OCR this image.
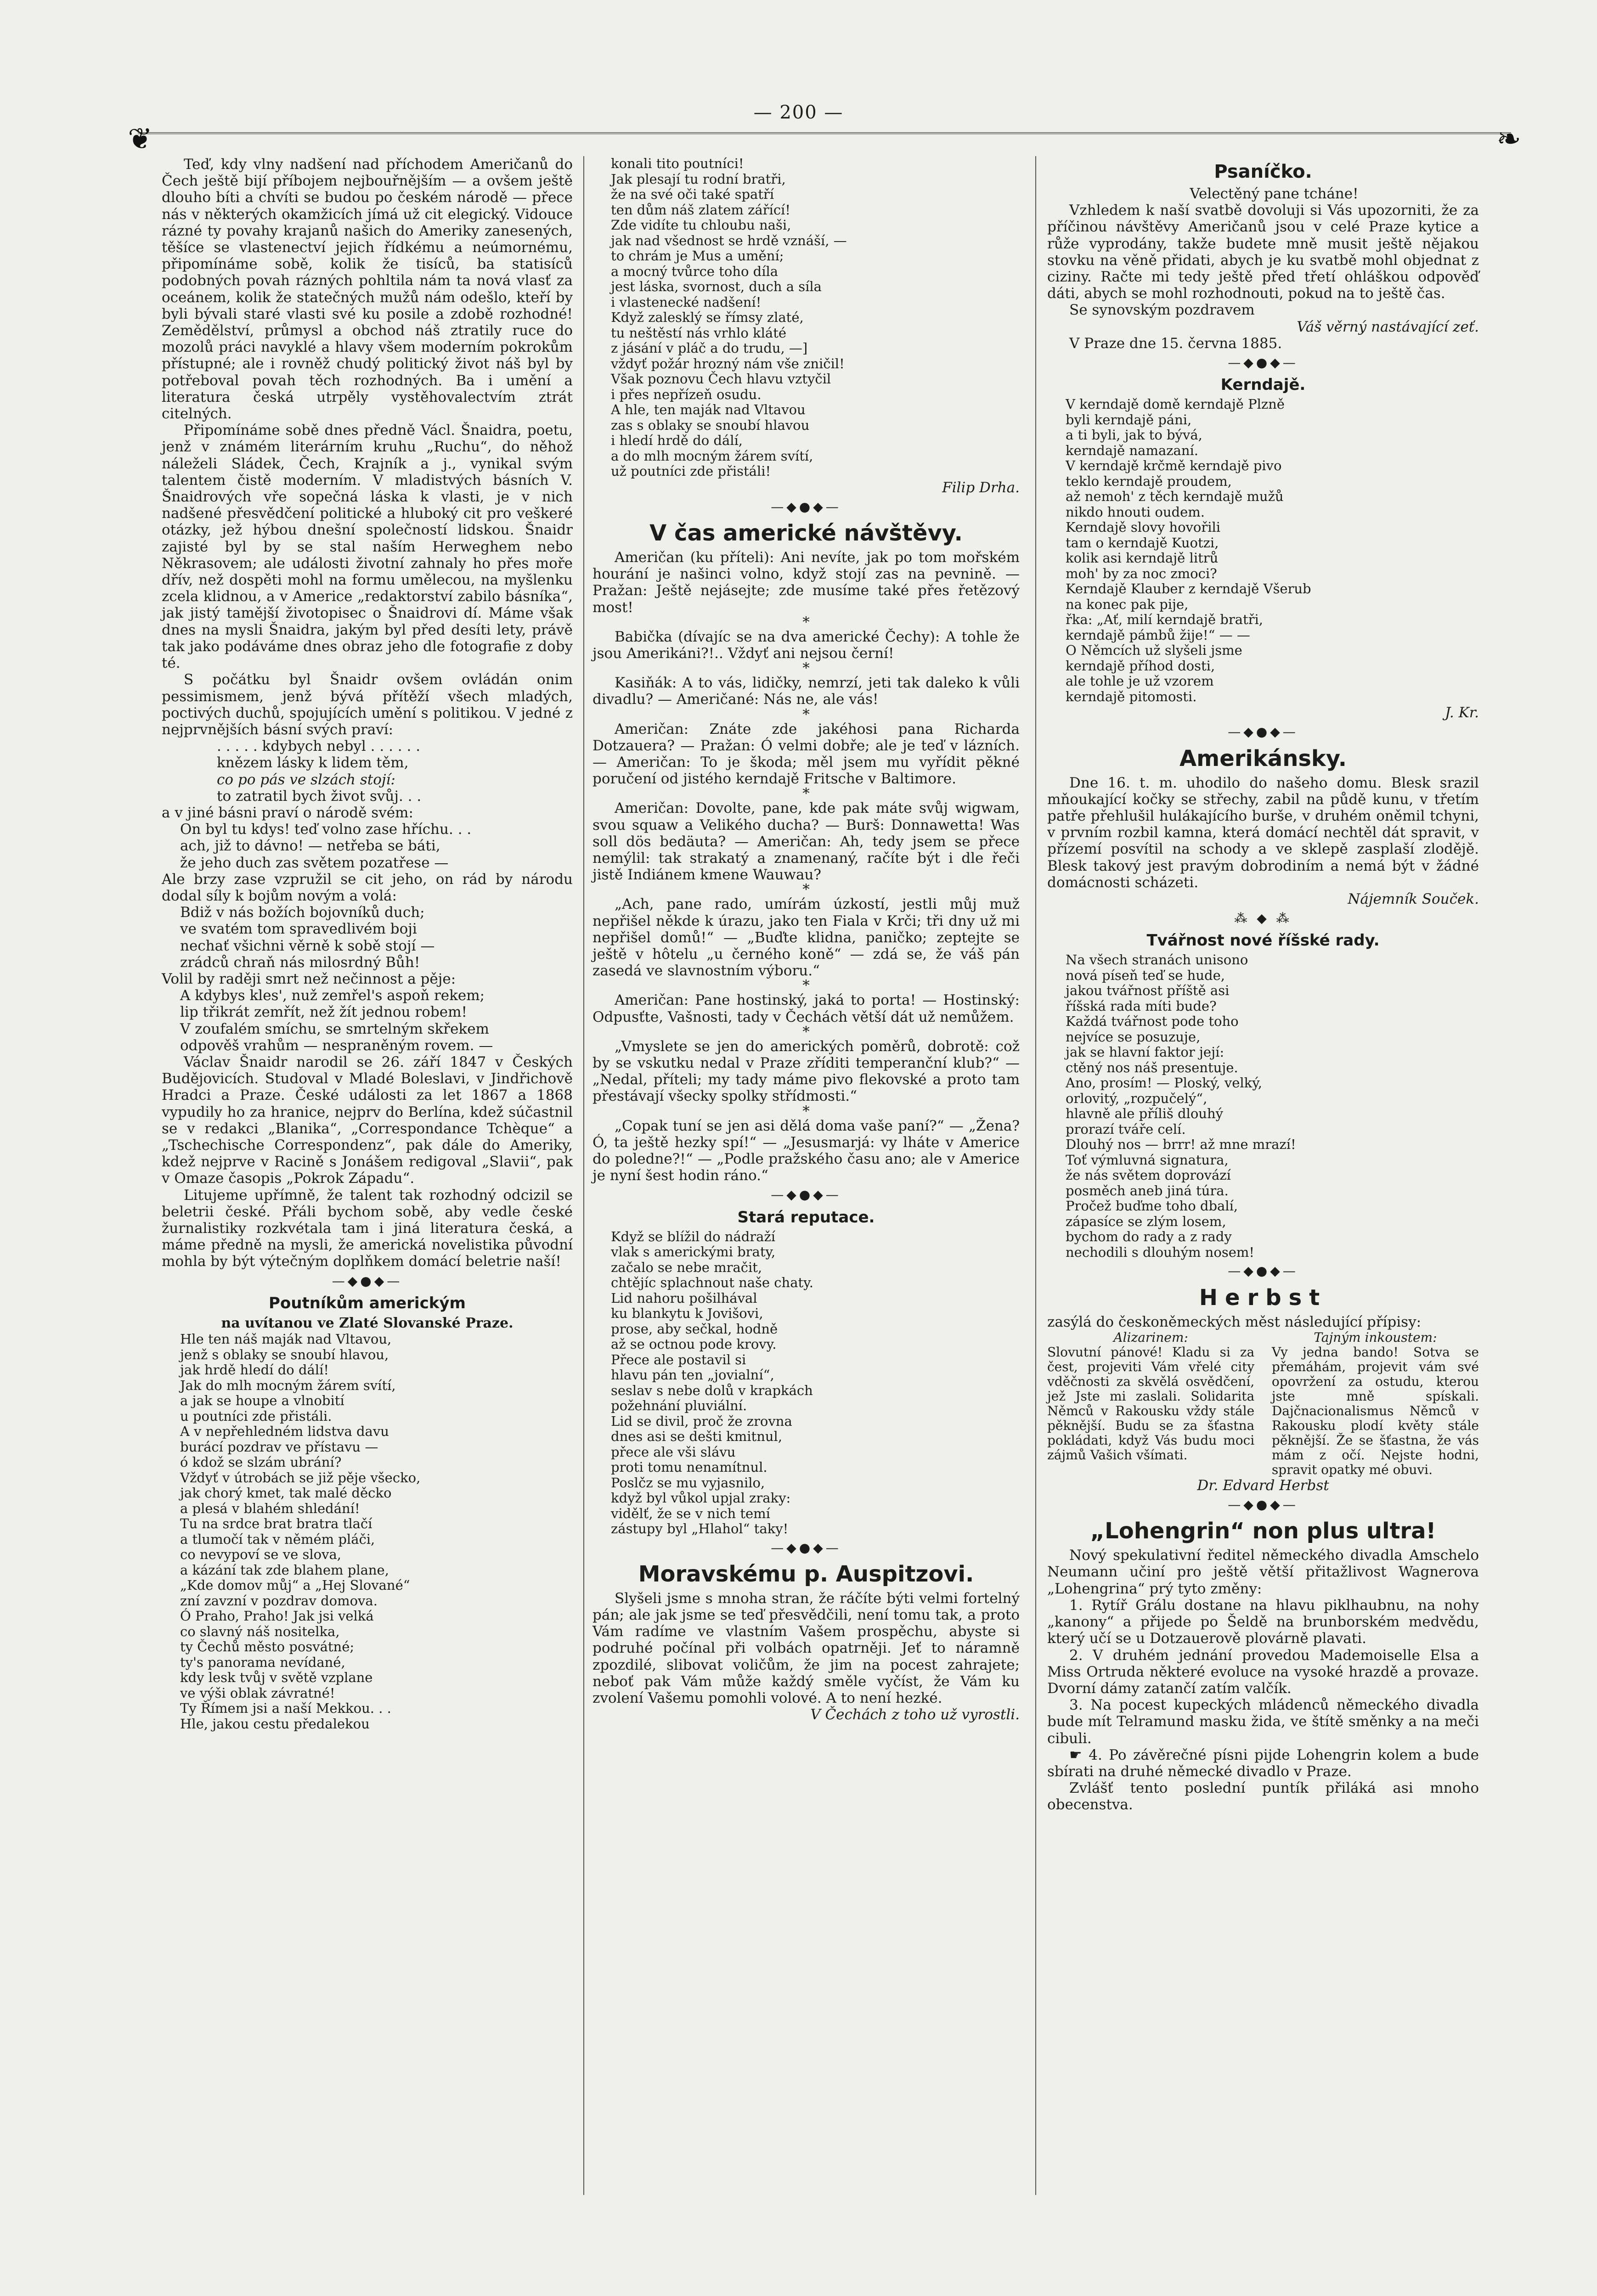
— 200 —
❦	❧

Teď, kdy vlny nadšení nad příchodem Američanů do Čech ještě bijí příbojem nejbouřnějším — a ovšem ještě dlouho bíti a chvíti se budou po českém národě — přece nás v některých okamžicích jímá už cit elegický. Vidouce rázné ty povahy krajanů našich do Ameriky zanesených, těšíce se vlastenectví jejich řídkému a neúmornému, připomínáme sobě, kolik že tisíců, ba statisíců podobných povah rázných pohltila nám ta nová vlasť za oceánem, kolik že statečných mužů nám odešlo, kteří by byli bývali staré vlasti své ku posile a zdobě rozhodné! Zemědělství, průmysl a obchod náš ztratily ruce do mozolů práci navyklé a hlavy všem moderním pokrokům přístupné; ale i rovněž chudý politický život náš byl by potřeboval povah těch rozhodných. Ba i umění a literatura česká utrpěly vystěhovalectvím ztrát citelných.

Připomínáme sobě dnes předně Václ. Šnaidra, poetu, jenž v známém literárním kruhu „Ruchu“, do něhož náleželi Sládek, Čech, Krajník a j., vynikal svým talentem čistě moderním. V mladistvých básních V. Šnaidrových vře sopečná láska k vlasti, je v nich nadšené přesvědčení politické a hluboký cit pro veškeré otázky, jež hýbou dnešní společností lidskou. Šnaidr zajisté byl by se stal naším Herweghem nebo Někrasovem; ale události životní zahnaly ho přes moře dřív, než dospěti mohl na formu umělecou, na myšlenku zcela klidnou, a v Americe „redaktorství zabilo básníka“, jak jistý tamější životopisec o Šnaidrovi dí. Máme však dnes na mysli Šnaidra, jakým byl před desíti lety, právě tak jako podáváme dnes obraz jeho dle fotografie z doby té.

S počátku byl Šnaidr ovšem ovládán onim pessimismem, jenž bývá přítěží všech mladých, poctivých duchů, spojujících umění s politikou. V jedné z nejprvnějších básní svých praví:

. . . . . kdybych nebyl . . . . . .
knězem lásky k lidem těm,
co po pás ve slzách stojí:
to zatratil bych život svůj. . .

a v jiné básni praví o národě svém:

On byl tu kdys! teď volno zase hříchu. . .
ach, již to dávno! — netřeba se báti,
že jeho duch zas světem pozatřese —

Ale brzy zase vzpružil se cit jeho, on rád by národu dodal síly k bojům novým a volá:

Bdiž v nás božích bojovníků duch;
ve svatém tom spravedlivém boji
nechať všichni věrně k sobě stojí —
zrádců chraň nás milosrdný Bůh!

Volil by raději smrt než nečinnost a pěje:

A kdybys kles', nuž zemřel's aspoň rekem;
lip třikrát zemřít, než žít jednou robem!
V zoufalém smíchu, se smrtelným skřekem
odpověš vrahům — nespraněným rovem. —

Václav Šnaidr narodil se 26. září 1847 v Českých Budějovicích. Studoval v Mladé Boleslavi, v Jindřichově Hradci a Praze. České události za let 1867 a 1868 vypudily ho za hranice, nejprv do Berlína, kdež súčastnil se v redakci „Blanika“, „Correspondance Tchèque“ a „Tschechische Correspondenz“, pak dále do Ameriky, kdež nejprve v Racině s Jonášem redigoval „Slavii“, pak v Omaze časopis „Pokrok Západu“.

Litujeme upřímně, že talent tak rozhodný odcizil se beletrii české. Přáli bychom sobě, aby vedle české žurnalistiky rozkvétala tam i jiná literatura česká, a máme předně na mysli, že americká novelistika původní mohla by být výtečným doplňkem domácí beletrie naší!

—◆●◆—
Poutníkům americkým
na uvítanou ve Zlaté Slovanské Praze.
Hle ten náš maják nad Vltavou,
jenž s oblaky se snoubí hlavou,
jak hrdě hledí do dálí!
Jak do mlh mocným žárem svítí,
a jak se houpe a vlnobití
u poutníci zde přistáli.
A v nepřehledném lidstva davu
burácí pozdrav ve přístavu —
ó kdož se slzám ubrání?
Vždyť v útrobách se již pěje všecko,
jak chorý kmet, tak malé děcko
a plesá v blahém shledání!
Tu na srdce brat bratra tlačí
a tlumočí tak v němém pláči,
co nevypoví se ve slova,
a kázání tak zde blahem plane,
„Kde domov můj“ a „Hej Slované“
zní zavzní v pozdrav domova.
Ó Praho, Praho! Jak jsi velká
co slavný náš nositelka,
ty Čechů město posvátné;
ty's panorama nevídané,
kdy lesk tvůj v světě vzplane
ve výši oblak závratné!
Ty Římem jsi a naší Mekkou. . .
Hle, jakou cestu předalekou
konali tito poutníci!
Jak plesají tu rodní bratři,
že na své oči také spatří
ten dům náš zlatem zářící!
Zde vidíte tu chloubu naši,
jak nad všednost se hrdě vznáší, —
to chrám je Mus a umění;
a mocný tvůrce toho díla
jest láska, svornost, duch a síla
i vlastenecké nadšení!
Když zalesklý se římsy zlaté,
tu neštěstí nás vrhlo kláté
z jásání v pláč a do trudu, —]
vždyť požár hrozný nám vše zničil!
Však poznovu Čech hlavu vztyčil
i přes nepřízeň osudu.
A hle, ten maják nad Vltavou
zas s oblaky se snoubí hlavou
i hledí hrdě do dálí,
a do mlh mocným žárem svítí,
už poutníci zde přistáli!
Filip Drha.
—◆●◆—
V čas americké návštěvy.

Američan (ku příteli): Ani nevíte, jak po tom mořském hourání je našinci volno, když stojí zas na pevnině. — Pražan: Ještě nejásejte; zde musíme také přes řetězový most!

*

Babička (dívajíc se na dva americké Čechy): A tohle že jsou Amerikáni?!.. Vždyť ani nejsou černí!

*

Kasiňák: A to vás, lidičky, nemrzí, jeti tak daleko k vůli divadlu? — Američané: Nás ne, ale vás!

*

Američan: Znáte zde jakéhosi pana Richarda Dotzauera? — Pražan: Ó velmi dobře; ale je teď v lázních. — Američan: To je škoda; měl jsem mu vyřídit pěkné poručení od jistého kerndajě Fritsche v Baltimore.

*

Američan: Dovolte, pane, kde pak máte svůj wigwam, svou squaw a Velikého ducha? — Burš: Donnawetta! Was soll dös bedäuta? — Američan: Ah, tedy jsem se přece nemýlil: tak strakatý a znamenaný, račíte být i dle řeči jistě Indiánem kmene Wauwau?

*

„Ach, pane rado, umírám úzkostí, jestli můj muž nepřišel někde k úrazu, jako ten Fiala v Krči; tři dny už mi nepřišel domů!“ — „Buďte klidna, paničko; zeptejte se ještě v hôtelu „u černého koně“ — zdá se, že váš pán zasedá ve slavnostním výboru.“

*

Američan: Pane hostinský, jaká to porta! — Hostinský: Odpusťte, Vašnosti, tady v Čechách větší dát už nemůžem.

*

„Vmyslete se jen do amerických poměrů, dobrotě: což by se vskutku nedal v Praze zříditi temperanční klub?“ — „Nedal, příteli; my tady máme pivo flekovské a proto tam přestávají všecky spolky střídmosti.“

*

„Copak tuní se jen asi dělá doma vaše paní?“ — „Žena? Ó, ta ještě hezky spí!“ — „Jesusmarjá: vy lháte v Americe do poledne?!“ — „Podle pražského času ano; ale v Americe je nyní šest hodin ráno.“

—◆●◆—
Stará reputace.
Když se blížil do nádraží
vlak s americkými braty,
začalo se nebe mračit,
chtějíc splachnout naše chaty.
Lid nahoru pošilhával
ku blankytu k Jovišovi,
prose, aby sečkal, hodně
až se octnou pode krovy.
Přece ale postavil si
hlavu pán ten „jovialní“,
seslav s nebe dolů v krapkách
požehnání pluviální.
Lid se divil, proč že zrovna
dnes asi se dešti kmitnul,
přece ale vši slávu
proti tomu nenamítnul.
Poslčz se mu vyjasnilo,
když byl vůkol upjal zraky:
vidělť, že se v nich temí
zástupy byl „Hlahol“ taky!
—◆●◆—
Moravskému p. Auspitzovi.

Slyšeli jsme s mnoha stran, že ráčíte býti velmi fortelný pán; ale jak jsme se teď přesvědčili, není tomu tak, a proto Vám radíme ve vlastním Vašem prospěchu, abyste si podruhé počínal při volbách opatrněji. Jeť to náramně zpozdilé, slibovat voličům, že jim na pocest zahrajete; neboť pak Vám může každý směle vyčíst, že Vám ku zvolení Vašemu pomohli volové. A to není hezké.

V Čechách z toho už vyrostli.
Psaníčko.

Velectěný pane tcháne!

Vzhledem k naší svatbě dovoluji si Vás upozorniti, že za příčinou návštěvy Američanů jsou v celé Praze kytice a růže vyprodány, takže budete mně musit ještě nějakou stovku na věně přidati, abych je ku svatbě mohl objednat z ciziny. Račte mi tedy ještě před třetí ohláškou odpověď dáti, abych se mohl rozhodnouti, pokud na to ještě čas.

Se synovským pozdravem

Váš věrný nastávající zeť.

V Praze dne 15. června 1885.

—◆●◆—
Kerndajě.
V kerndajě domě kerndajě Plzně
byli kerndajě páni,
a ti byli, jak to bývá,
kerndajě namazaní.
V kerndajě krčmě kerndajě pivo
teklo kerndajě proudem,
až nemoh' z těch kerndajě mužů
nikdo hnouti oudem.
Kerndajě slovy hovořili
tam o kerndajě Kuotzi,
kolik asi kerndajě litrů
moh' by za noc zmoci?
Kerndajě Klauber z kerndajě Všerub
na konec pak pije,
řka: „Ať, milí kerndajě bratři,
kerndajě pámbů žije!“ — —
O Němcích už slyšeli jsme
kerndajě příhod dosti,
ale tohle je už vzorem
kerndajě pitomosti.
J. Kr.
—◆●◆—
Amerikánsky.

Dne 16. t. m. uhodilo do našeho domu. Blesk srazil mňoukající kočky se střechy, zabil na půdě kunu, v třetím patře přehlušil hulákajícího burše, v druhém oněmil tchyni, v prvním rozbil kamna, která domácí nechtěl dát spravit, v přízemí posvítil na schody a ve sklepě zasplaší zlodějě. Blesk takový jest pravým dobrodiním a nemá být v žádné domácnosti scházeti.

Nájemník Souček.
⁂ ◆ ⁂
Tvářnost nové říšské rady.
Na všech stranách unisono
nová píseň teď se hude,
jakou tvářnost příště asi
říšská rada míti bude?
Každá tvářnost pode toho
nejvíce se posuzuje,
jak se hlavní faktor její:
ctěný nos náš presentuje.
Ano, prosím! — Ploský, velký,
orlovitý, „rozpučelý“,
hlavně ale příliš dlouhý
prorazí tváře celí.
Dlouhý nos — brrr! až mne mrazí!
Toť výmluvná signatura,
že nás světem doprovází
posměch aneb jiná túra.
Pročež buďme toho dbalí,
zápasíce se zlým losem,
bychom do rady a z rady
nechodili s dlouhým nosem!
—◆●◆—
Herbst

zasýlá do českoněmeckých měst následující přípisy:

Alizarinem:
Slovutní pánové! Kladu si za čest, projeviti Vám vřelé city vděčnosti za skvělá osvědčení, jež Jste mi zaslali. Solidarita Němců v Rakousku vždy stále pěknější. Budu se za šťastna pokládati, když Vás budu moci zájmů Vašich všímati.
Tajným inkoustem:
Vy jedna bando! Sotva se přemáhám, projevit vám své opovržení za ostudu, kterou jste mně spískali. Dajčnacionalismus Němců v Rakousku plodí květy stále pěknější. Že se šťastna, že vás mám z očí. Nejste hodni, spravit opatky mé obuvi.
Dr. Edvard Herbst
—◆●◆—
„Lohengrin“ non plus ultra!

Nový spekulativní ředitel německého divadla Amschelo Neumann učiní pro ještě větší přitažlivost Wagnerova „Lohengrina“ prý tyto změny:

1. Rytíř Grálu dostane na hlavu piklhaubnu, na nohy „kanony“ a přijede po Šeldě na brunborském medvědu, který učí se u Dotzauerově plovárně plavati.

2. V druhém jednání provedou Mademoiselle Elsa a Miss Ortruda některé evoluce na vysoké hrazdě a provaze. Dvorní dámy zatančí zatím valčík.

3. Na pocest kupeckých mládenců německého divadla bude mít Telramund masku žida, ve štítě směnky a na meči cibuli.

☛ 4. Po závěrečné písni pijde Lohengrin kolem a bude sbírati na druhé německé divadlo v Praze.

Zvlášť tento poslední puntík přiláká asi mnoho obecenstva.
